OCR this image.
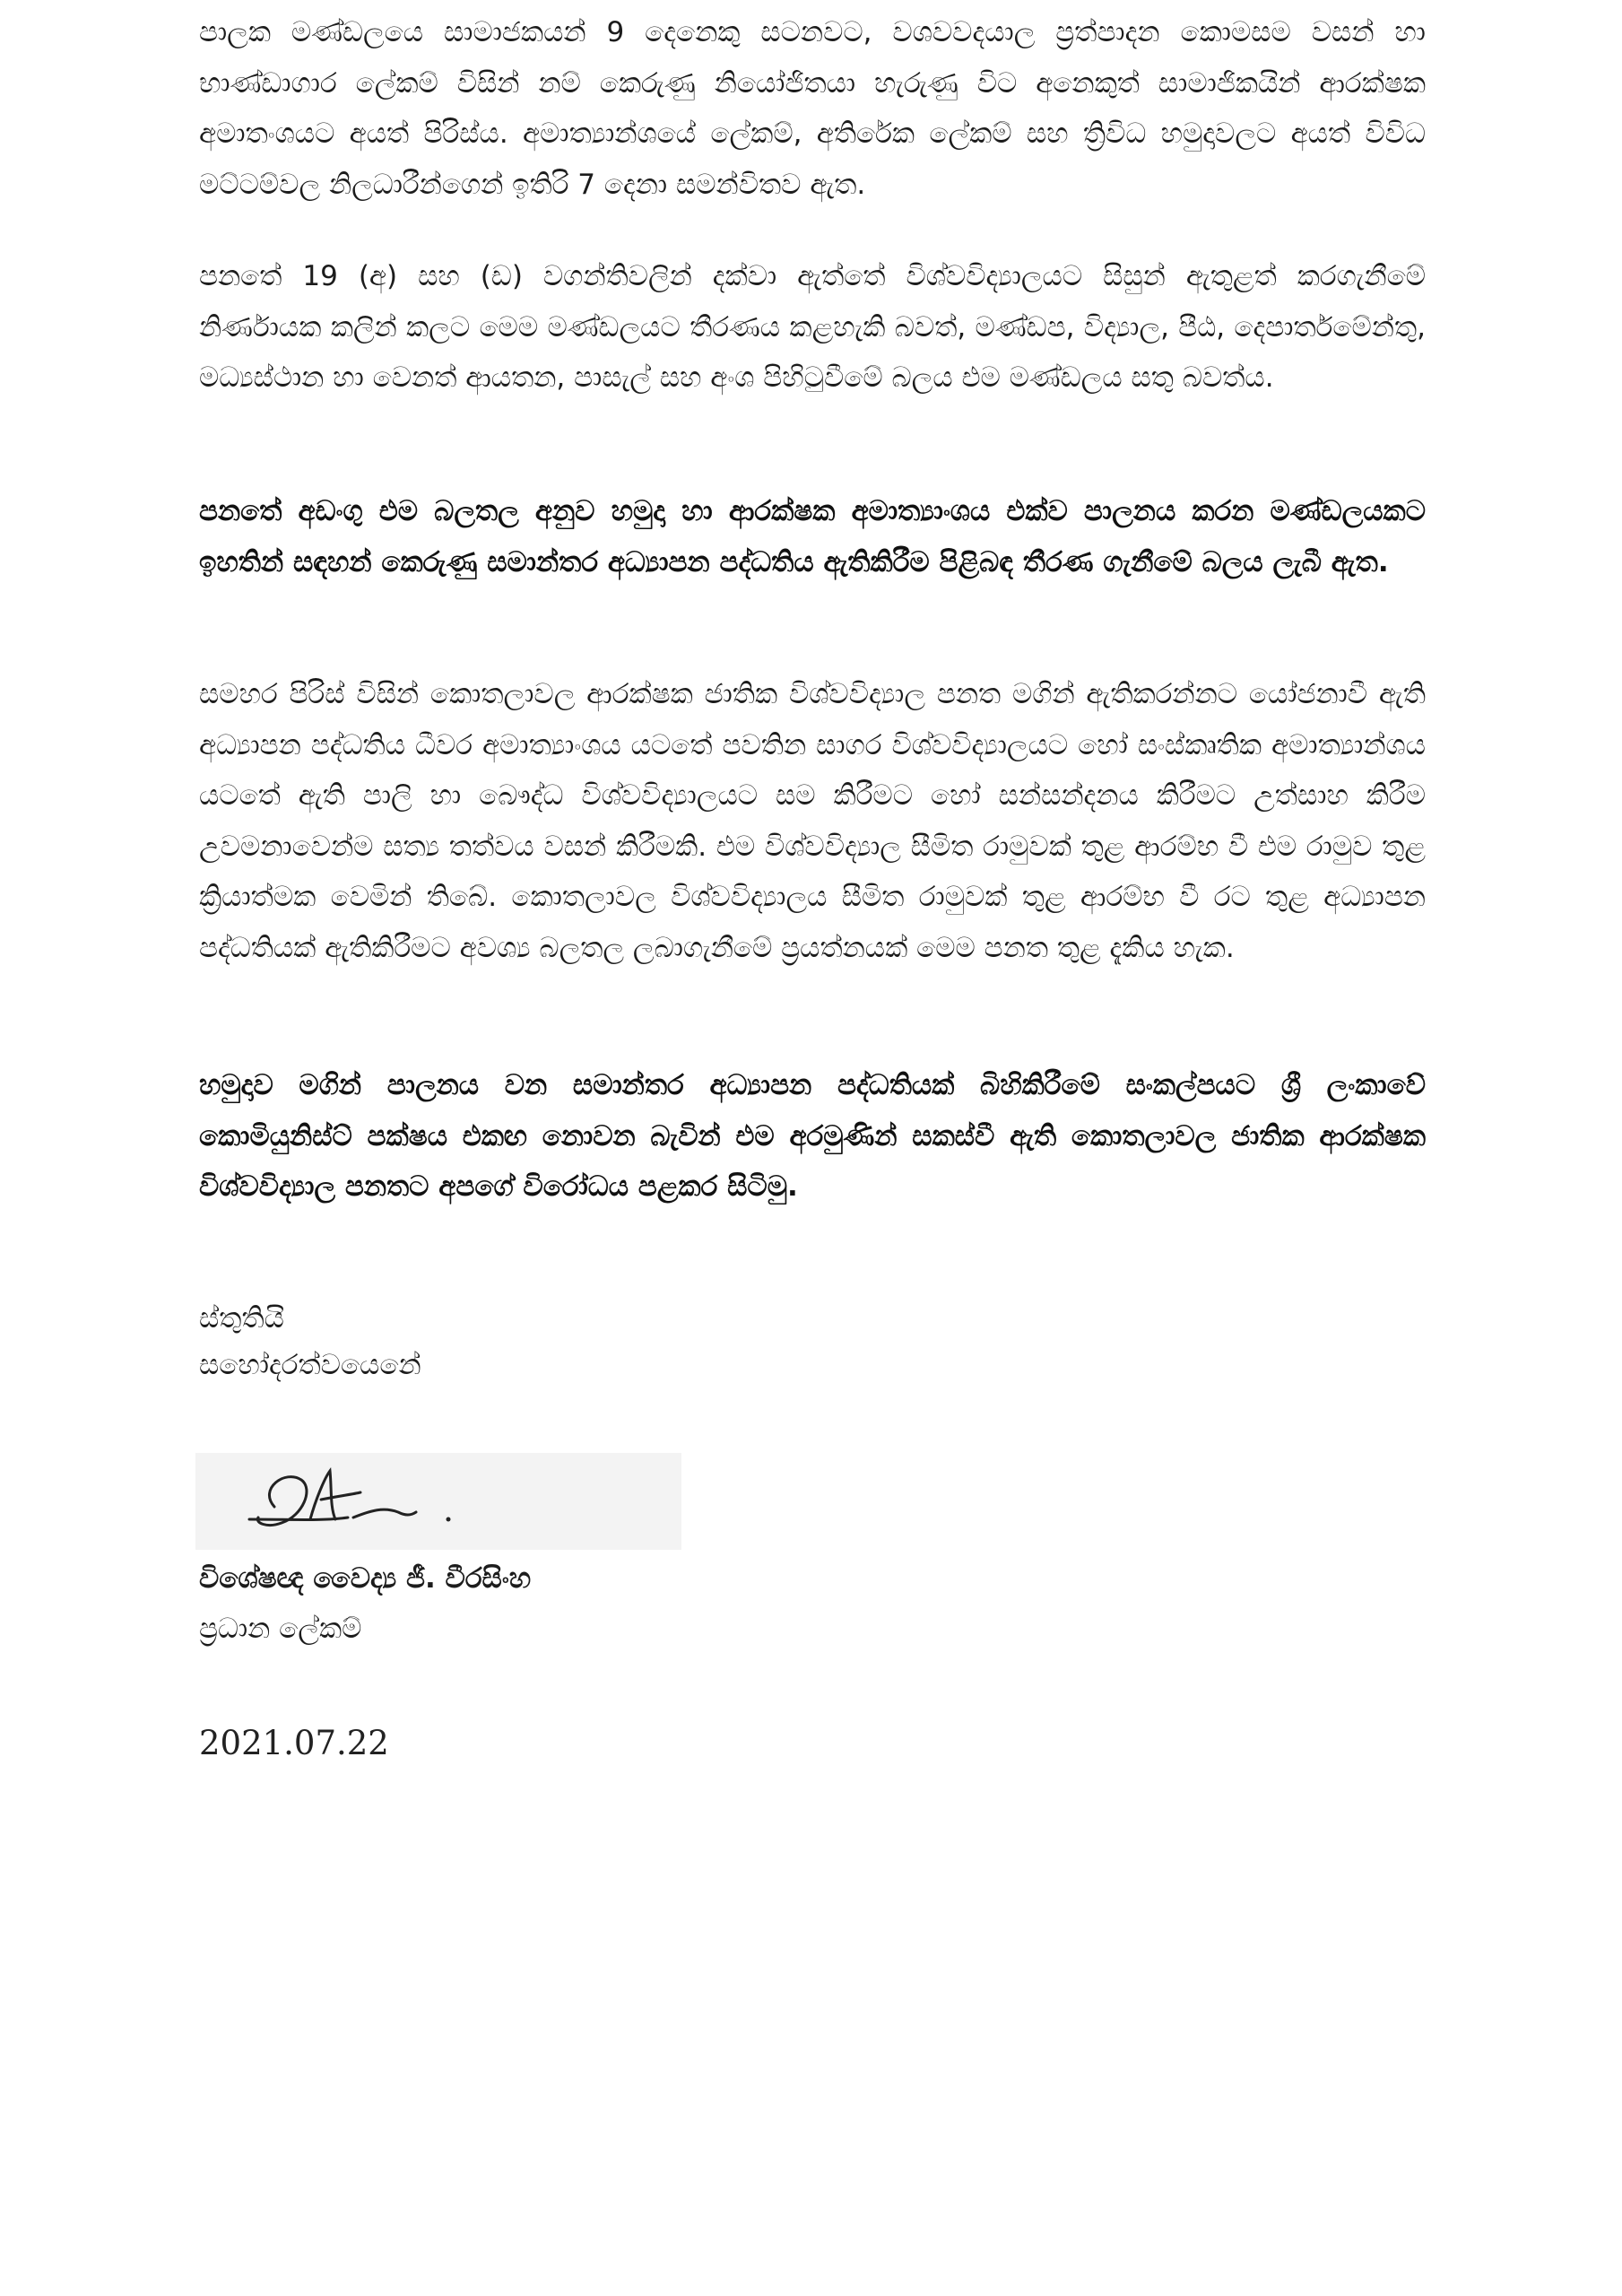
පාලක මණ්ඩලයෙ සාමාජකයන් 9 දෙනෙකු සටනවට, වශවවදයාල ප්‍රත්පාදන කොමසම වසන් හා භාණ්ඩාගාර ලේකම් විසින් නම් කෙරුණු නියෝජිතයා හැරුණු විට අනෙකුත් සාමාජිකයින් ආරක්ෂක අමාතංශයට අයත් පිරිස්ය. අමාත්‍යාන්ශයේ ලේකම්, අතිරේක ලේකම් සහ ත්‍රිවිධ හමුදාවලට අයත් විවිධ මට්ටම්වල නිලධාරීන්ගෙන් ඉතිරි 7 දෙනා සමන්විතව ඇත.

පනතේ 19 (අ) සහ (ඩ) වගන්තිවලින් දක්වා ඇත්තේ විශ්වවිද්‍යාලයට සිසුන් ඇතුළත් කරගැනීමේ නිර්ණායක කලින් කලට මෙම මණ්ඩලයට තීරණය කළහැකි බවත්, මණ්ඩප, විද්‍යාල, පීඨ, දෙපාර්තමේන්තු, මධ්‍යස්ථාන හා වෙනත් ආයතන, පාසැල් සහ අංශ පිහිටුවීමේ බලය එම මණ්ඩලය සතු බවත්ය.

පනතේ අඩංගු එම බලතල අනුව හමුදා හා ආරක්ෂක අමාත්‍යාංශය එක්ව පාලනය කරන මණ්ඩලයකට ඉහතින් සඳහන් කෙරුණු සමාන්තර අධ්‍යාපන පද්ධතිය ඇතිකිරීම පිළිබඳ තීරණ ගැනීමේ බලය ලැබී ඇත.

සමහර පිරිස් විසින් කොතලාවල ආරක්ෂක ජාතික විශ්වවිද්‍යාල පනත මගින් ඇතිකරන්නට යෝජනාවී ඇති අධ්‍යාපන පද්ධතිය ධීවර අමාත්‍යාංශය යටතේ පවතින සාගර විශ්වවිද්‍යාලයට හෝ සංස්කෘතික අමාත්‍යාන්ශය යටතේ ඇති පාලි හා බෞද්ධ විශ්වවිද්‍යාලයට සම කිරීමට හෝ සන්සන්දනය කිරීමට උත්සාහ කිරීම උවමනාවෙන්ම සත්‍ය තත්වය වසන් කිරීමකි. එම විශ්වවිද්‍යාල සීමිත රාමුවක් තුළ ආරම්භ වී එම රාමුව තුළ ක්‍රියාත්මක වෙමින් තිබේ. කොතලාවල විශ්වවිද්‍යාලය සීමිත රාමුවක් තුළ ආරම්භ වී රට තුළ අධ්‍යාපන පද්ධතියක් ඇතිකිරීමට අවශ්‍ය බලතල ලබාගැනීමේ ප්‍රයත්නයක් මෙම පනත තුළ දැකිය හැක.

හමුදාව මගින් පාලනය වන සමාන්තර අධ්‍යාපන පද්ධතියක් බිහිකිරීමේ සංකල්පයට ශ්‍රී ලංකාවේ කොමියුනිස්ට් පක්ෂය එකඟ නොවන බැවින් එම අරමුණින් සකස්වී ඇති කොතලාවල ජාතික ආරක්ෂක විශ්වවිද්‍යාල පනතට අපගේ විරෝධය පළකර සිටිමු.

ස්තුතියි

සහෝදරත්වයෙනේ

විශේෂඥ වෛද්‍ය ජී. වීරසිංහ

ප්‍රධාන ලේකම්

2021.07.22
